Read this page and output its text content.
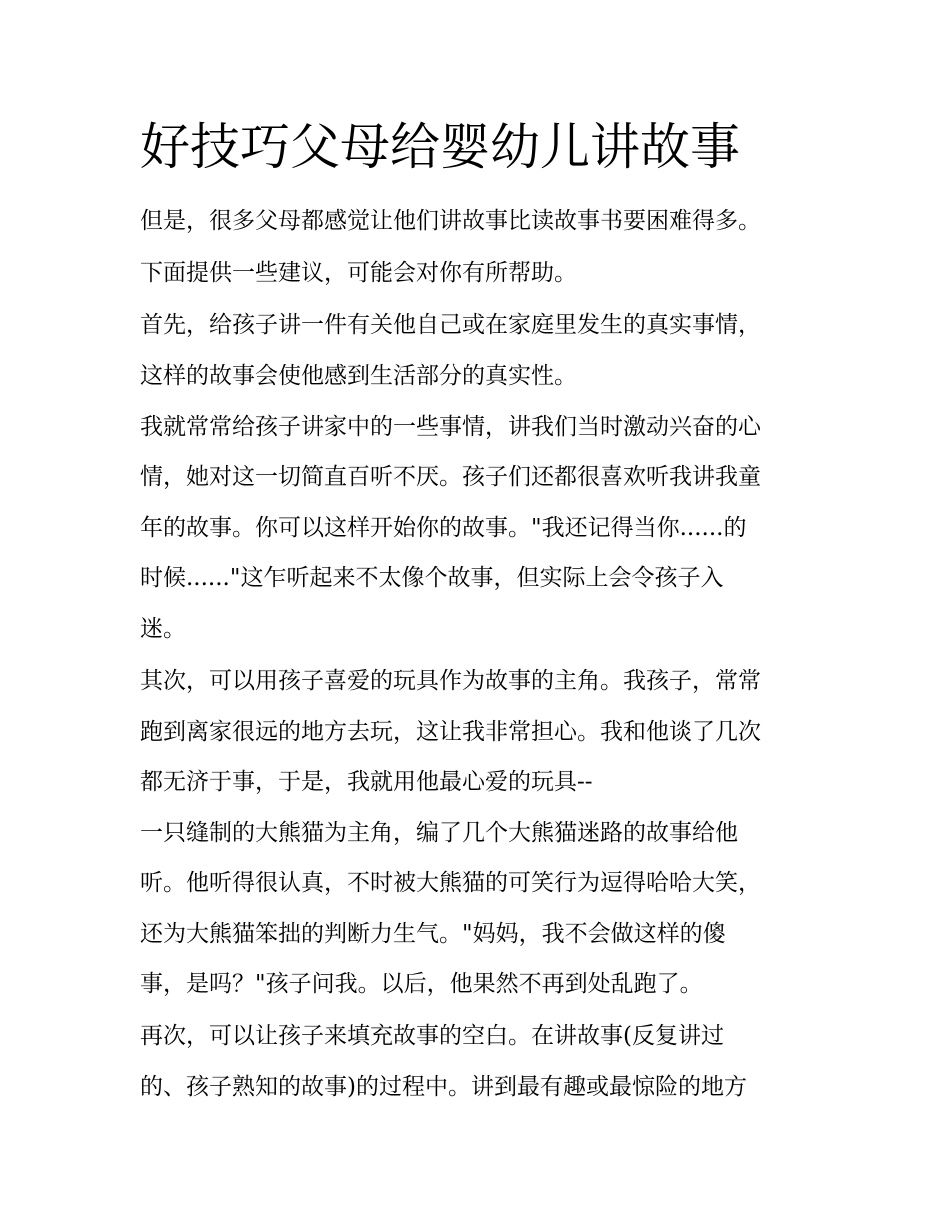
好技巧父母给婴幼儿讲故事

但是，很多父母都感觉让他们讲故事比读故事书要困难得多。

下面提供一些建议，可能会对你有所帮助。

首先，给孩子讲一件有关他自己或在家庭里发生的真实事情，

这样的故事会使他感到生活部分的真实性。

我就常常给孩子讲家中的一些事情，讲我们当时激动兴奋的心

情，她对这一切简直百听不厌。孩子们还都很喜欢听我讲我童

年的故事。你可以这样开始你的故事。"我还记得当你......的

时候......"这乍听起来不太像个故事，但实际上会令孩子入

迷。

其次，可以用孩子喜爱的玩具作为故事的主角。我孩子，常常

跑到离家很远的地方去玩，这让我非常担心。我和他谈了几次

都无济于事，于是，我就用他最心爱的玩具--

一只缝制的大熊猫为主角，编了几个大熊猫迷路的故事给他

听。他听得很认真，不时被大熊猫的可笑行为逗得哈哈大笑，

还为大熊猫笨拙的判断力生气。"妈妈，我不会做这样的傻

事，是吗？"孩子问我。以后，他果然不再到处乱跑了。

再次，可以让孩子来填充故事的空白。在讲故事(反复讲过

的、孩子熟知的故事)的过程中。讲到最有趣或最惊险的地方
